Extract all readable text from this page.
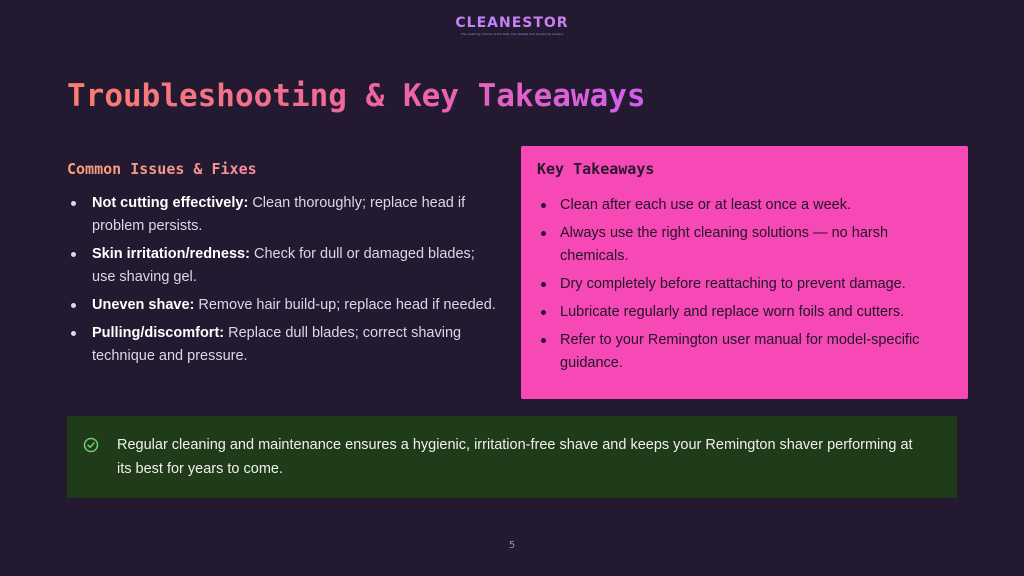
CLEANESTOR
The cleaning choices of the best, the reliable and trusted by leaders
Troubleshooting & Key Takeaways
Common Issues & Fixes
Not cutting effectively: Clean thoroughly; replace head if problem persists.
Skin irritation/redness: Check for dull or damaged blades; use shaving gel.
Uneven shave: Remove hair build-up; replace head if needed.
Pulling/discomfort: Replace dull blades; correct shaving technique and pressure.
Key Takeaways
Clean after each use or at least once a week.
Always use the right cleaning solutions — no harsh chemicals.
Dry completely before reattaching to prevent damage.
Lubricate regularly and replace worn foils and cutters.
Refer to your Remington user manual for model-specific guidance.
Regular cleaning and maintenance ensures a hygienic, irritation-free shave and keeps your Remington shaver performing at its best for years to come.
5
